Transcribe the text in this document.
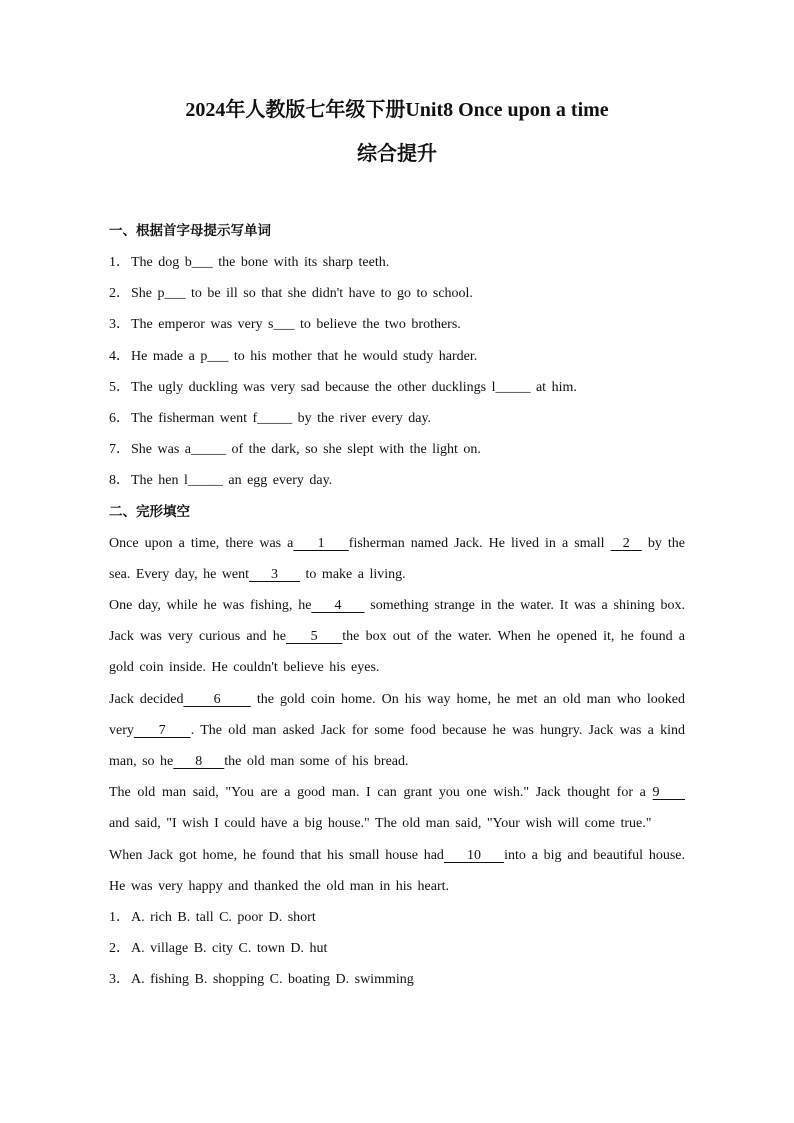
2024年人教版七年级下册Unit8 Once upon a time
综合提升
一、根据首字母提示写单词
1．The dog b___ the bone with its sharp teeth.
2．She p___ to be ill so that she didn't have to go to school.
3．The emperor was very s___ to believe the two brothers.
4．He made a p___ to his mother that he would study harder.
5．The ugly duckling was very sad because the other ducklings l_____ at him.
6．The fisherman went f_____ by the river every day.
7．She was a_____ of the dark, so she slept with the light on.
8．The hen l_____ an egg every day.
二、完形填空
Once upon a time, there was a    1    fisherman named Jack. He lived in a small   2   by the sea. Every day, he went    3     to make a living.
One day, while he was fishing, he    4     something strange in the water. It was a shining box. Jack was very curious and he    5    the box out of the water. When he opened it, he found a gold coin inside. He couldn't believe his eyes.
Jack decided     6      the gold coin home. On his way home, he met an old man who looked very    7    . The old man asked Jack for some food because he was hungry. Jack was a kind man, so he    8    the old man some of his bread.
The old man said, "You are a good man. I can grant you one wish." Jack thought for a 9     and said, "I wish I could have a big house." The old man said, "Your wish will come true."
When Jack got home, he found that his small house had    10    into a big and beautiful house. He was very happy and thanked the old man in his heart.
1．A. rich B. tall C. poor D. short
2．A. village B. city C. town D. hut
3．A. fishing B. shopping C. boating D. swimming
